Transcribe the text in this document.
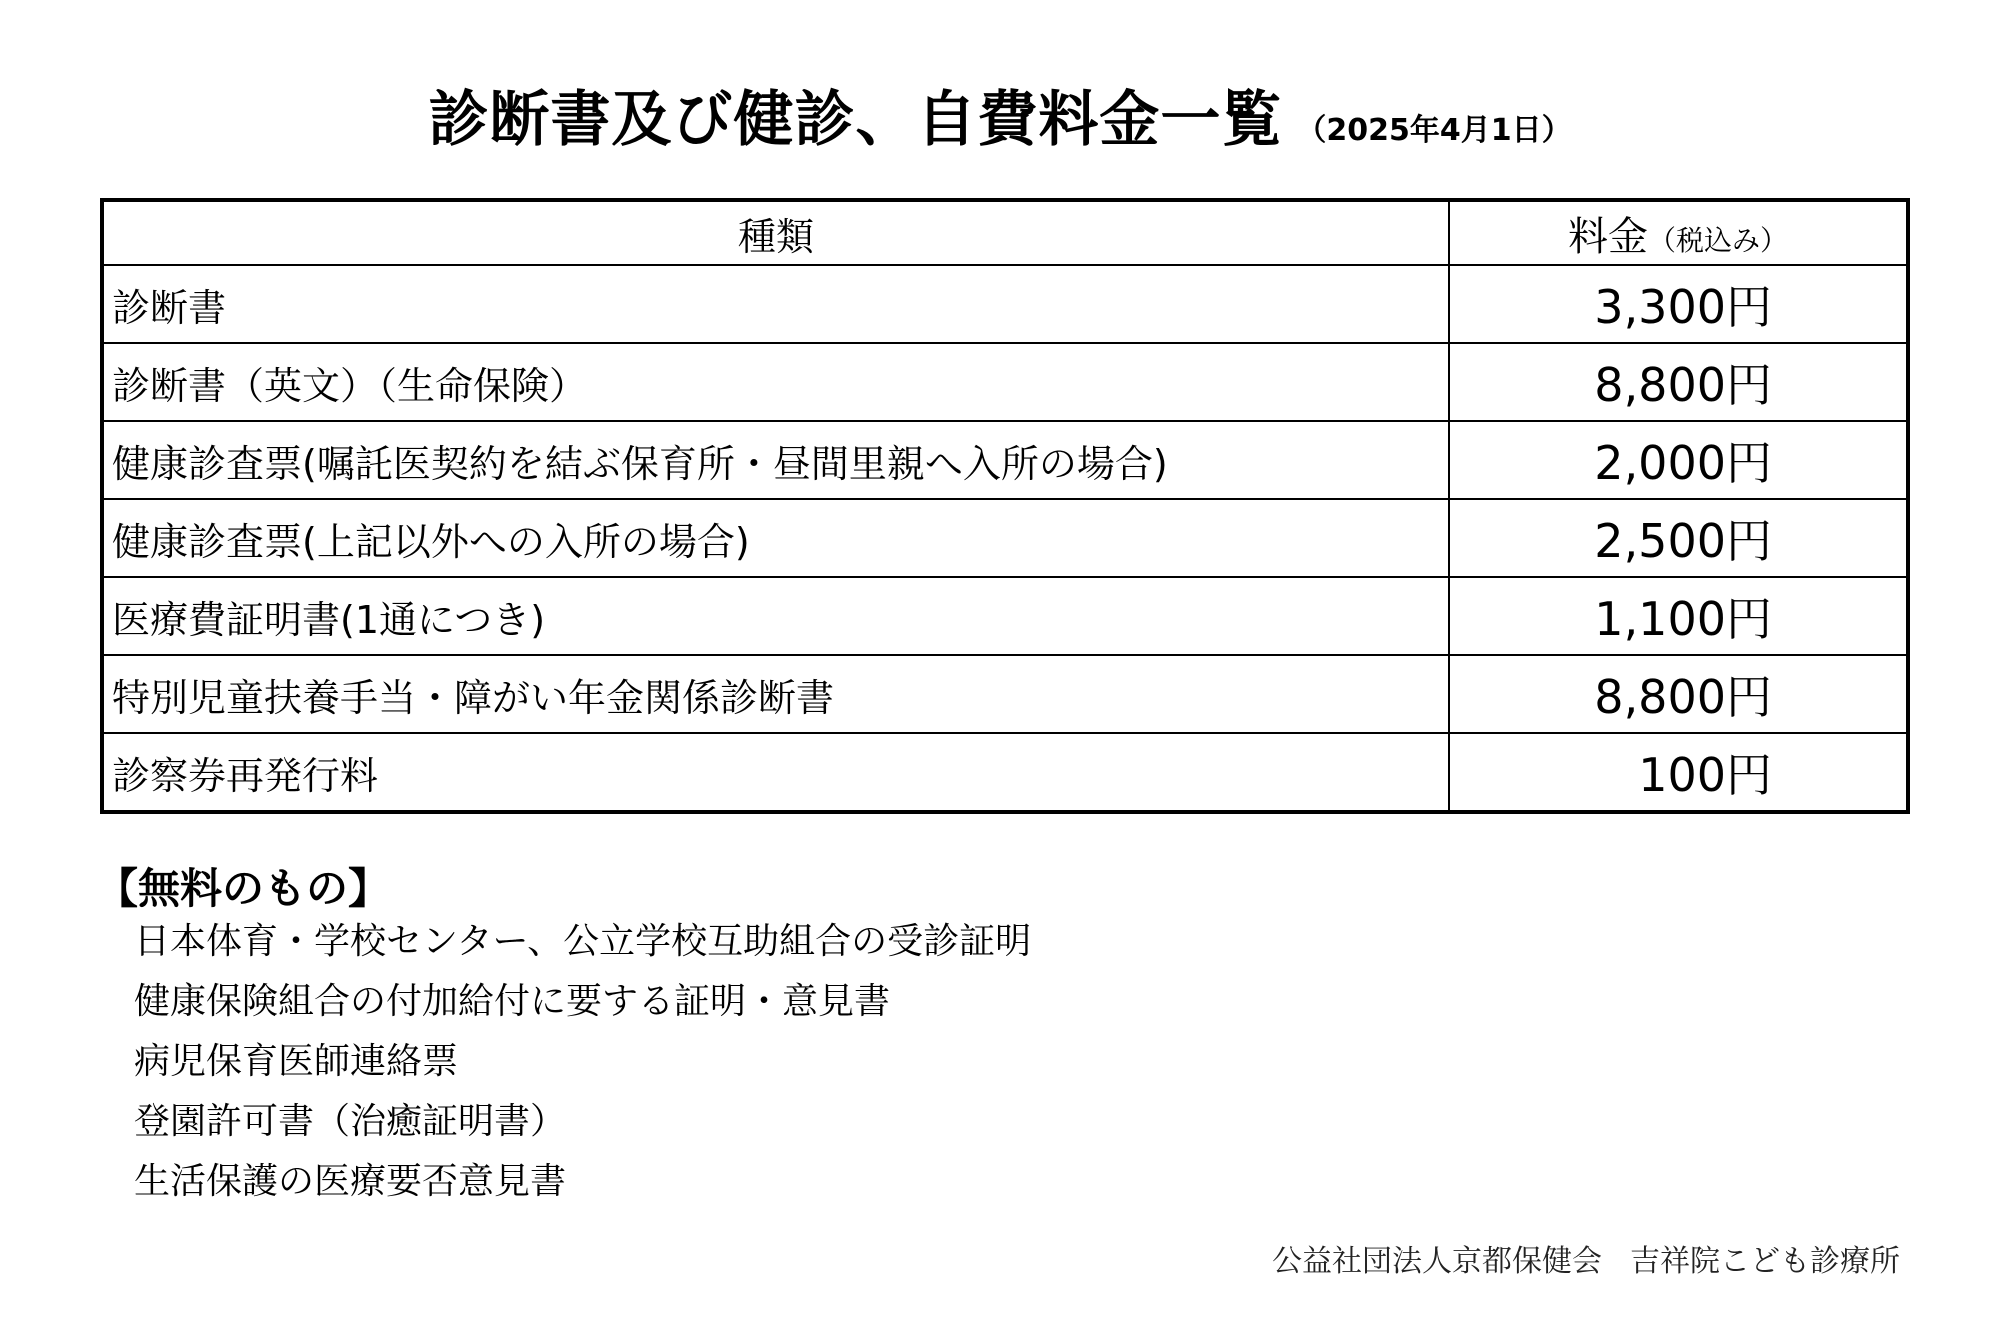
診断書及び健診、自費料金一覧 （2025年4月1日）
種類	料金（税込み）
診断書	3,300円
診断書（英文）（生命保険）	8,800円
健康診査票(嘱託医契約を結ぶ保育所・昼間里親へ入所の場合)	2,000円
健康診査票(上記以外への入所の場合)	2,500円
医療費証明書(1通につき)	1,100円
特別児童扶養手当・障がい年金関係診断書	8,800円
診察券再発行料	100円
【無料のもの】
日本体育・学校センター、公立学校互助組合の受診証明
健康保険組合の付加給付に要する証明・意見書
病児保育医師連絡票
登園許可書（治癒証明書）
生活保護の医療要否意見書
公益社団法人京都保健会 吉祥院こども診療所
